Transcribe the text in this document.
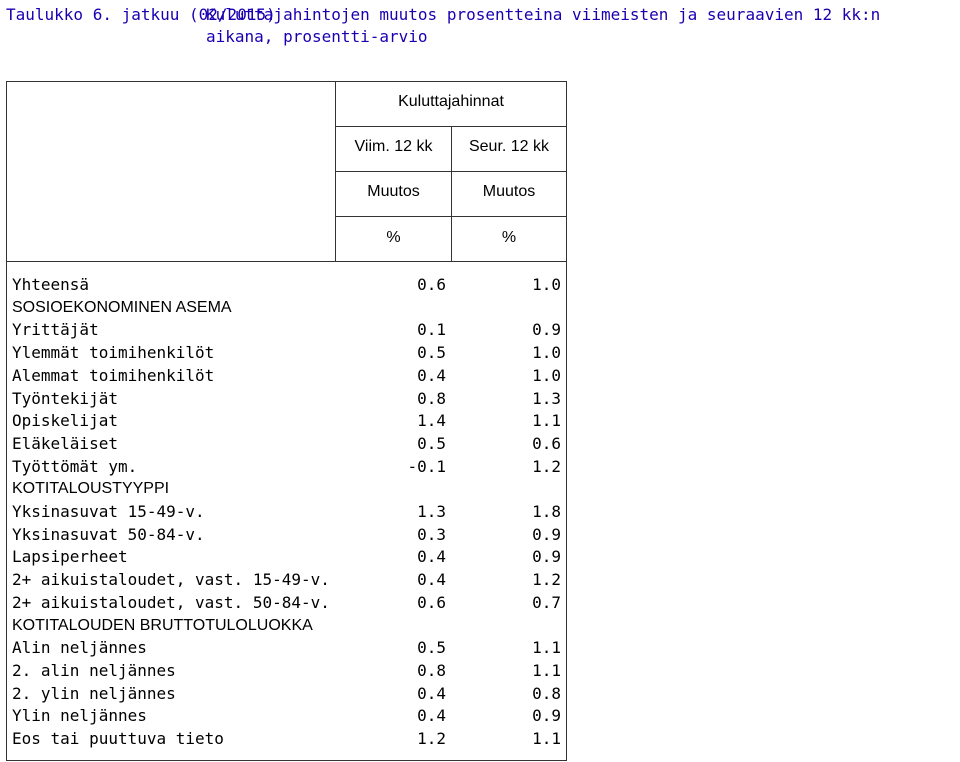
Taulukko 6. jatkuu (02/2015)
Kuluttajahintojen muutos prosentteina viimeisten ja seuraavien 12 kk:n aikana, prosentti-arvio
Kuluttajahinnat
Viim. 12 kk	Seur. 12 kk
Muutos	Muutos
%	%
Yhteensä	0.6	1.0
SOSIOEKONOMINEN ASEMA
Yrittäjät	0.1	0.9
Ylemmät toimihenkilöt	0.5	1.0
Alemmat toimihenkilöt	0.4	1.0
Työntekijät	0.8	1.3
Opiskelijat	1.4	1.1
Eläkeläiset	0.5	0.6
Työttömät ym.	-0.1	1.2
KOTITALOUSTYYPPI
Yksinasuvat 15-49-v.	1.3	1.8
Yksinasuvat 50-84-v.	0.3	0.9
Lapsiperheet	0.4	0.9
2+ aikuistaloudet, vast. 15-49-v.	0.4	1.2
2+ aikuistaloudet, vast. 50-84-v.	0.6	0.7
KOTITALOUDEN BRUTTOTULOLUOKKA
Alin neljännes	0.5	1.1
2. alin neljännes	0.8	1.1
2. ylin neljännes	0.4	0.8
Ylin neljännes	0.4	0.9
Eos tai puuttuva tieto	1.2	1.1
